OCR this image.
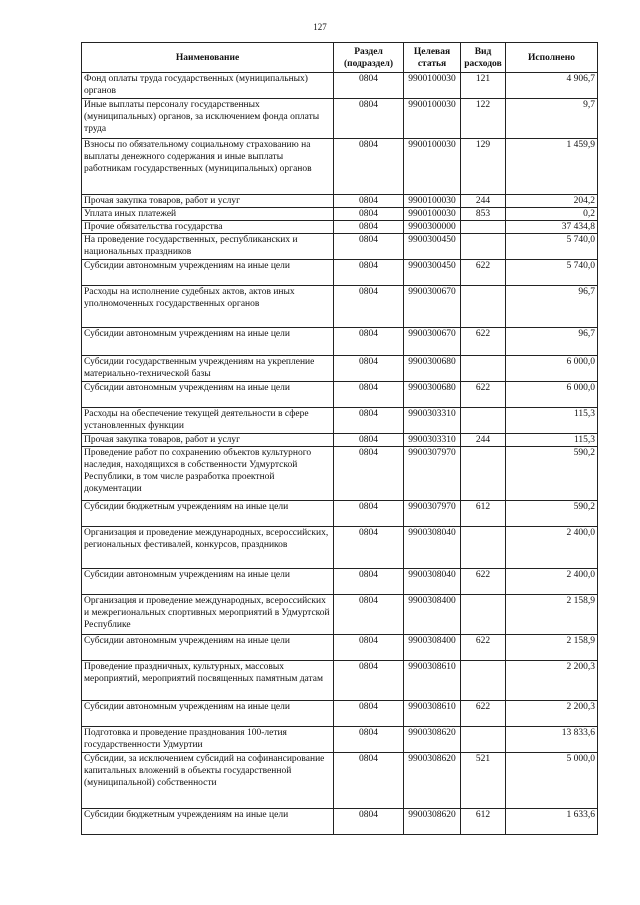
127
Наименование	Раздел (подраздел)	Целевая статья	Вид расходов	Исполнено
Фонд оплаты труда государственных (муниципальных) органов	0804	9900100030	121	4 906,7
Иные выплаты персоналу государственных (муниципальных) органов, за исключением фонда оплаты труда	0804	9900100030	122	9,7
Взносы по обязательному социальному страхованию на выплаты денежного содержания и иные выплаты работникам государственных (муниципальных) органов	0804	9900100030	129	1 459,9
Прочая закупка товаров, работ и услуг	0804	9900100030	244	204,2
Уплата иных платежей	0804	9900100030	853	0,2
Прочие обязательства государства	0804	9900300000		37 434,8
На проведение государственных, республиканских и национальных праздников	0804	9900300450		5 740,0
Субсидии автономным учреждениям на иные цели	0804	9900300450	622	5 740,0
Расходы на исполнение судебных актов, актов иных уполномоченных государственных органов	0804	9900300670		96,7
Субсидии автономным учреждениям на иные цели	0804	9900300670	622	96,7
Субсидии государственным учреждениям на укрепление материально-технической базы	0804	9900300680		6 000,0
Субсидии автономным учреждениям на иные цели	0804	9900300680	622	6 000,0
Расходы на обеспечение текущей деятельности в сфере установленных функции	0804	9900303310		115,3
Прочая закупка товаров, работ и услуг	0804	9900303310	244	115,3
Проведение работ по сохранению объектов культурного наследия, находящихся в собственности Удмуртской Республики, в том числе разработка проектной документации	0804	9900307970		590,2
Субсидии бюджетным учреждениям на иные цели	0804	9900307970	612	590,2
Организация и проведение международных, всероссийских, региональных фестивалей, конкурсов, праздников	0804	9900308040		2 400,0
Субсидии автономным учреждениям на иные цели	0804	9900308040	622	2 400,0
Организация и проведение международных, всероссийских и межрегиональных спортивных мероприятий в Удмуртской Республике	0804	9900308400		2 158,9
Субсидии автономным учреждениям на иные цели	0804	9900308400	622	2 158,9
Проведение праздничных, культурных, массовых мероприятий, мероприятий посвященных памятным датам	0804	9900308610		2 200,3
Субсидии автономным учреждениям на иные цели	0804	9900308610	622	2 200,3
Подготовка и проведение празднования 100-летия государственности Удмуртии	0804	9900308620		13 833,6
Субсидии, за исключением субсидий на софинансирование капитальных вложений в объекты государственной (муниципальной) собственности	0804	9900308620	521	5 000,0
Субсидии бюджетным учреждениям на иные цели	0804	9900308620	612	1 633,6
